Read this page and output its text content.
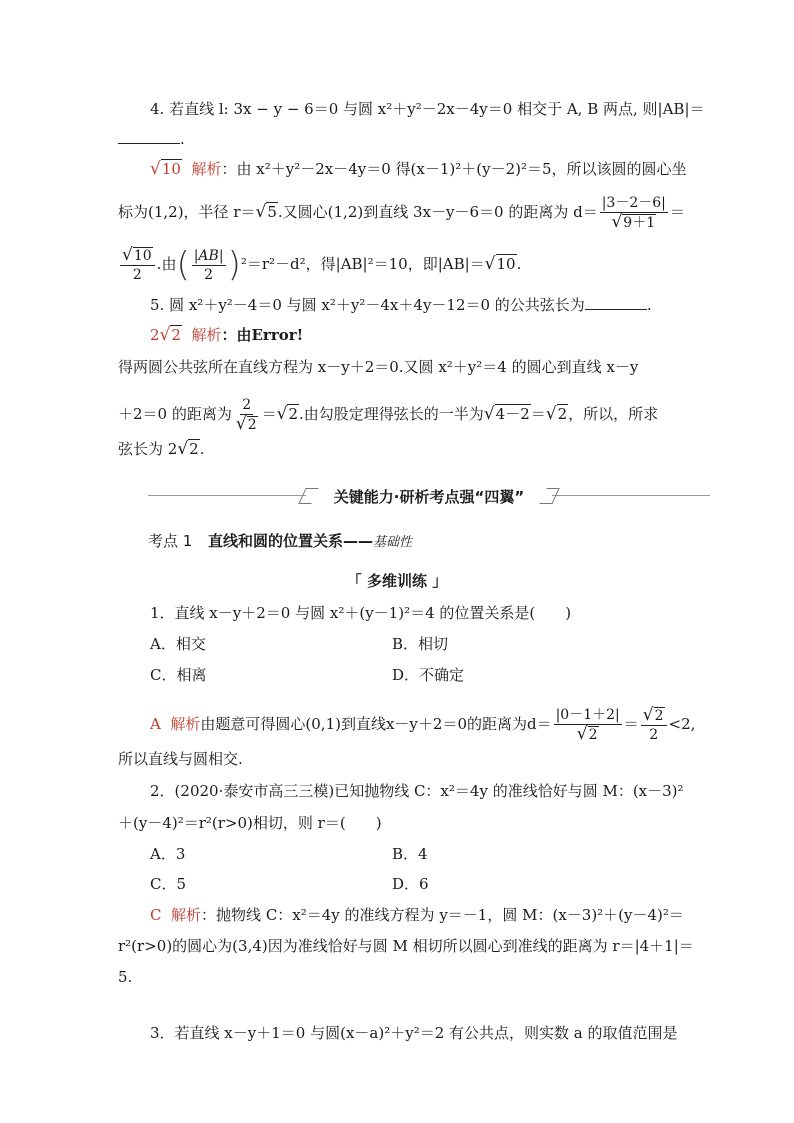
4. 若直线 l: 3x − y − 6＝0 与圆 x²＋y²－2x－4y＝0 相交于 A, B 两点, 则|AB|＝
.
√10 解析：由 x²＋y²－2x－4y＝0 得(x－1)²＋(y－2)²＝5，所以该圆的圆心坐
标为(1,2)，半径 r＝√5.又圆心(1,2)到直线 3x－y－6＝0 的距离为 $d= \frac{|3-2-6|}{√9+1}$ ＝
$\frac{√10}{2}$ .由( $\frac{|AB|}{2} )^2=r^2-d^2$，得|AB|²＝10，即|AB|＝√10.
5. 圆 x²＋y²－4＝0 与圆 x²＋y²－4x＋4y－12＝0 的公共弦长为	.
2√2 解析：由Error!
得两圆公共弦所在直线方程为 x－y＋2＝0.又圆 x²＋y²＝4 的圆心到直线 x－y
＋2＝0 的距离为 $\frac{2}{√2} =√2$.由勾股定理得弦长的一半为√4－2＝√2，所以，所求
弦长为 2√2.
关键能力·研析考点强“四翼”
考点 1 直线和圆的位置关系——基础性
「 多维训练 」
1．直线 x－y＋2＝0 与圆 x²＋(y－1)²＝4 的位置关系是(　　)
A．相交	B．相切
C．相离	D．不确定
A 解析由题意可得圆心(0,1)到直线x－y＋2＝0的距离为$d= \frac{|0-1+2|}{√2} = \frac{√2}{2} <2$,
所以直线与圆相交.
2．(2020·泰安市高三三模)已知抛物线 C：x²＝4y 的准线恰好与圆 M：(x－3)²
＋(y－4)²＝r²(r>0)相切，则 r＝(　　)
A．3	B．4
C．5	D．6
C 解析：抛物线 C：x²＝4y 的准线方程为 y＝－1，圆 M：(x－3)²＋(y－4)²＝
r²(r>0)的圆心为(3,4)因为准线恰好与圆 M 相切所以圆心到准线的距离为 r＝|4＋1|＝
5.
3．若直线 x－y＋1＝0 与圆(x－a)²＋y²＝2 有公共点，则实数 a 的取值范围是
